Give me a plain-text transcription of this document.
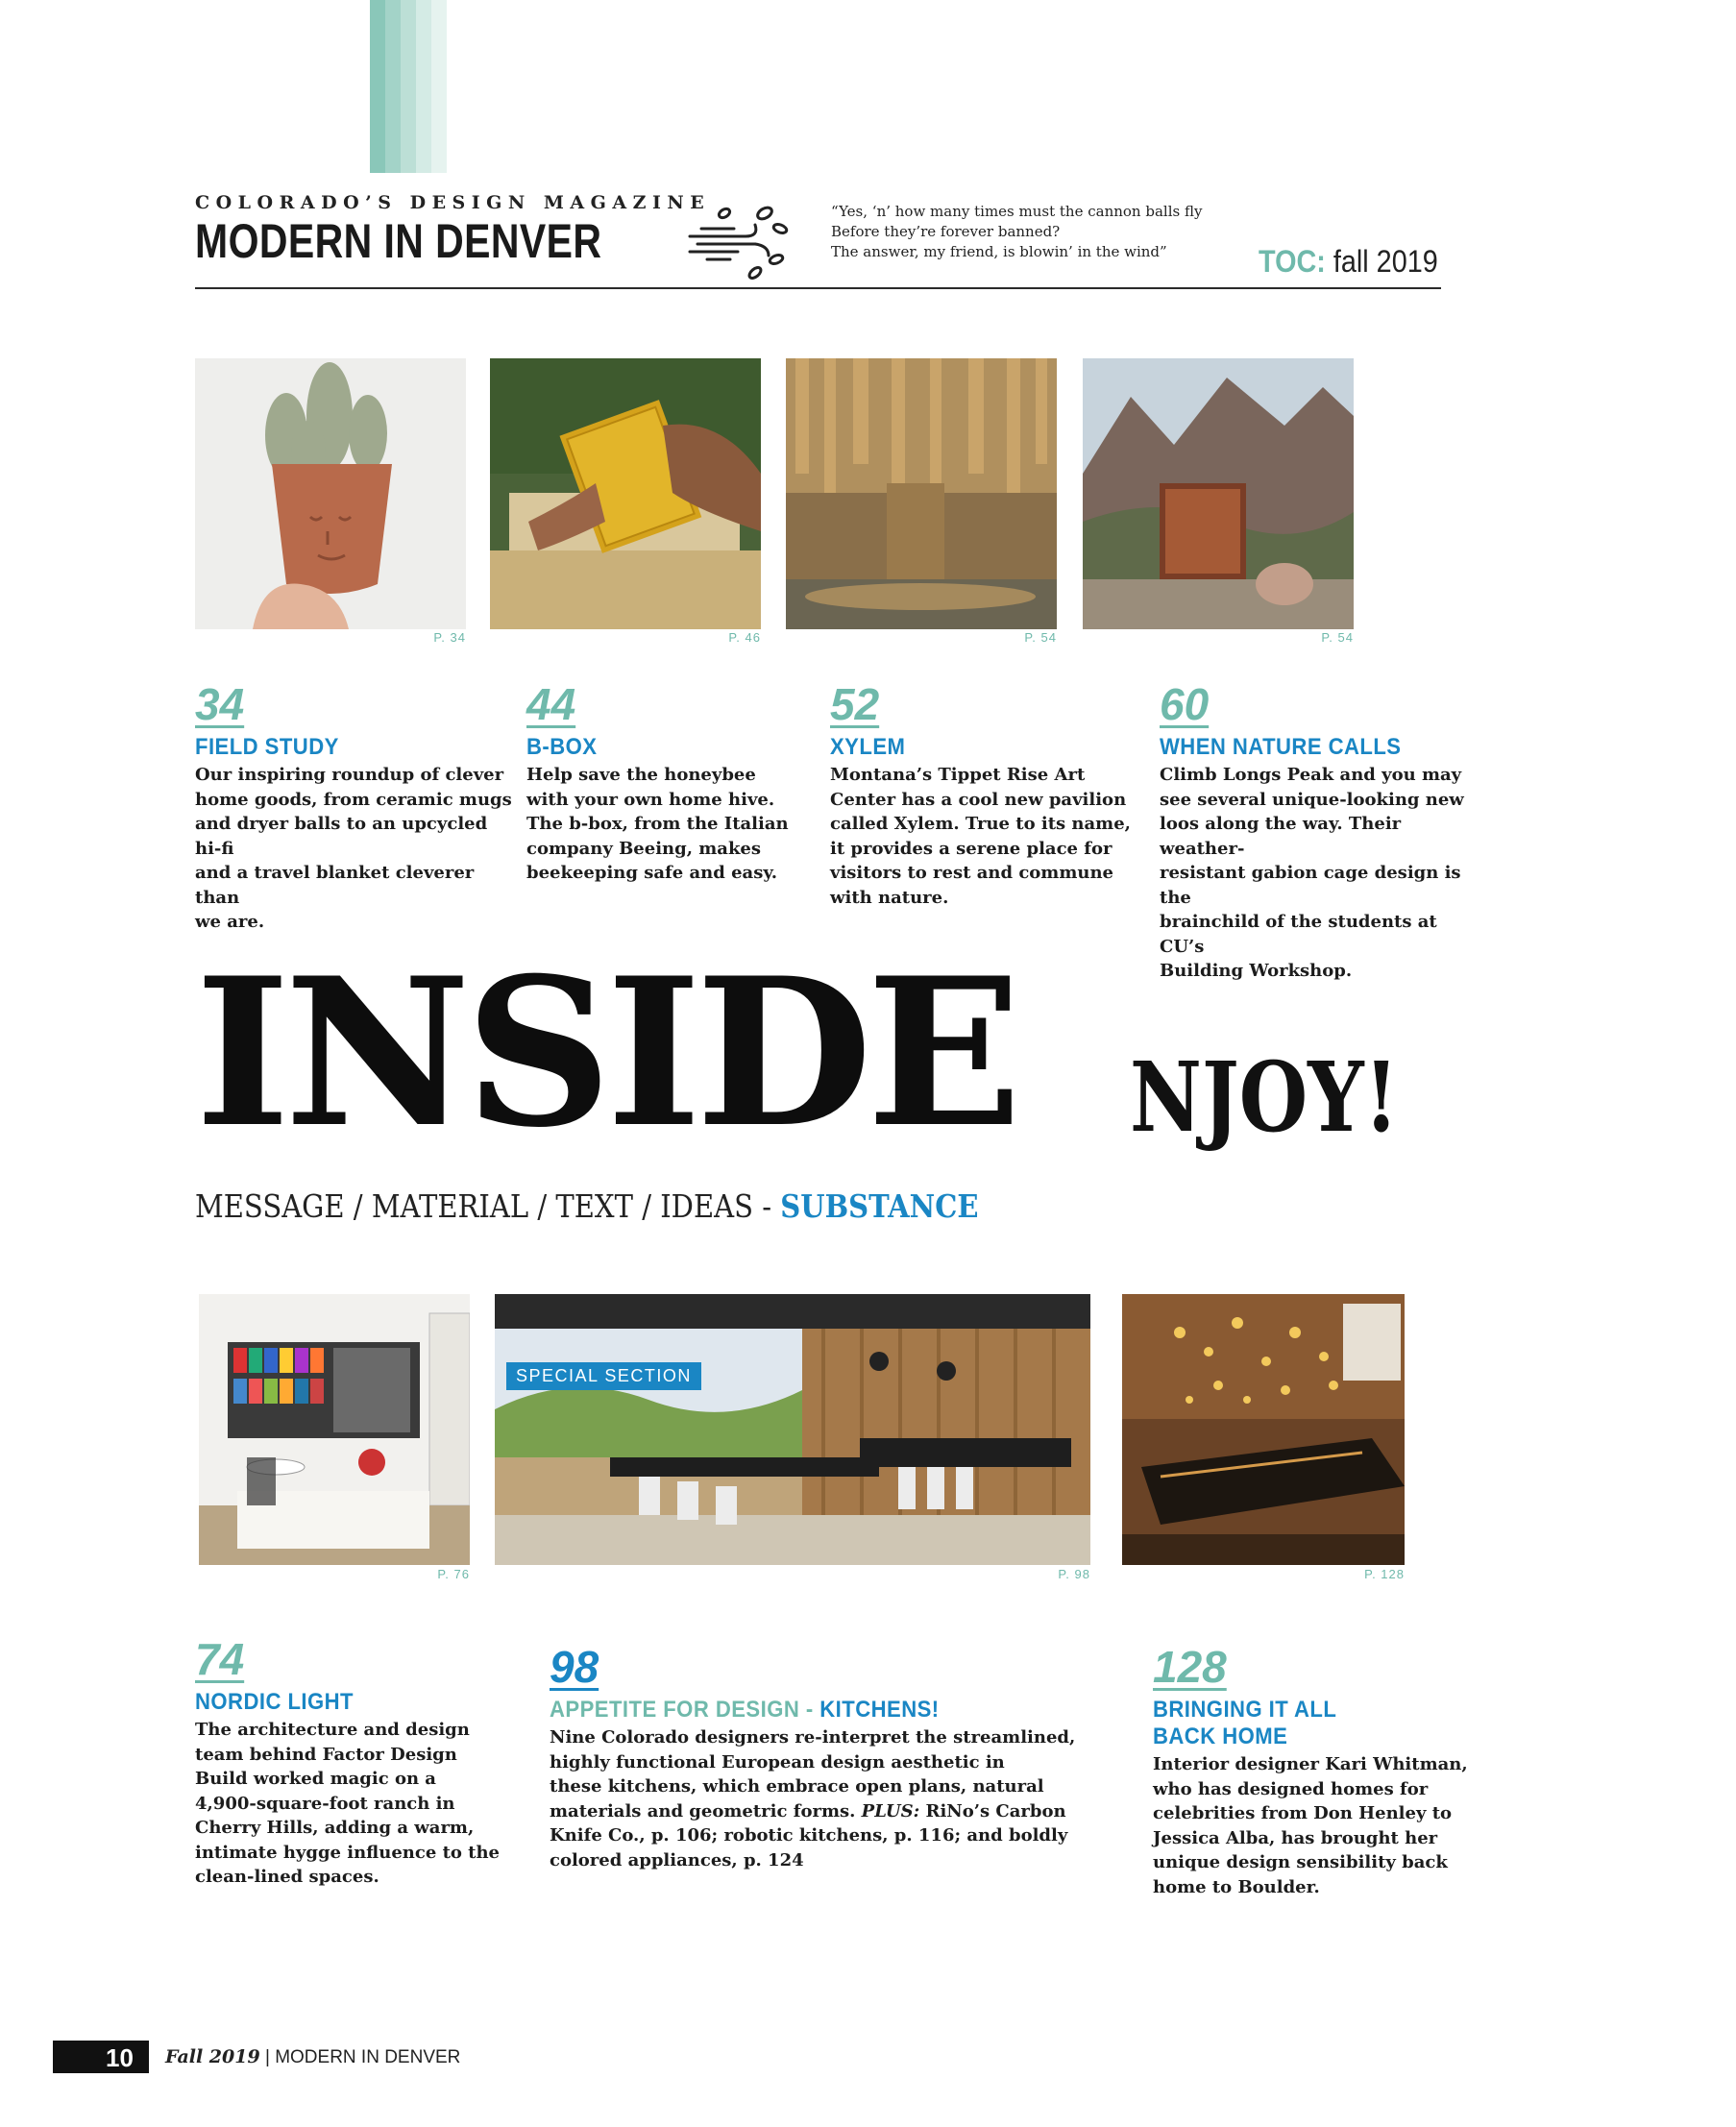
COLORADO’S DESIGN MAGAZINE
MODERN IN DENVER
“Yes, ‘n’ how many times must the cannon balls fly
Before they’re forever banned?
The answer, my friend, is blowin’ in the wind”	TOC: fall 2019
P. 34	P. 46	P. 54	P. 54
34
FIELD STUDY
Our inspiring roundup of clever
home goods, from ceramic mugs
and dryer balls to an upcycled hi-fi
and a travel blanket cleverer than
we are.
44
B-BOX
Help save the honeybee
with your own home hive.
The b-box, from the Italian
company Beeing, makes
beekeeping safe and easy.
52
XYLEM
Montana’s Tippet Rise Art
Center has a cool new pavilion
called Xylem. True to its name,
it provides a serene place for
visitors to rest and commune
with nature.
60
WHEN NATURE CALLS
Climb Longs Peak and you may
see several unique-looking new
loos along the way. Their weather-
resistant gabion cage design is the
brainchild of the students at CU’s
Building Workshop.
INSIDE NJOY!
MESSAGE / MATERIAL / TEXT / IDEAS - SUBSTANCE
SPECIAL SECTION
P. 76	P. 98	P. 128
74
NORDIC LIGHT
The architecture and design
team behind Factor Design
Build worked magic on a
4,900-square-foot ranch in
Cherry Hills, adding a warm,
intimate hygge influence to the
clean-lined spaces.
98
APPETITE FOR DESIGN - KITCHENS!
Nine Colorado designers re-interpret the streamlined,
highly functional European design aesthetic in
these kitchens, which embrace open plans, natural
materials and geometric forms. PLUS: RiNo’s Carbon
Knife Co., p. 106; robotic kitchens, p. 116; and boldly
colored appliances, p. 124
128
BRINGING IT ALL
BACK HOME
Interior designer Kari Whitman,
who has designed homes for
celebrities from Don Henley to
Jessica Alba, has brought her
unique design sensibility back
home to Boulder.
10 Fall 2019 | MODERN IN DENVER
